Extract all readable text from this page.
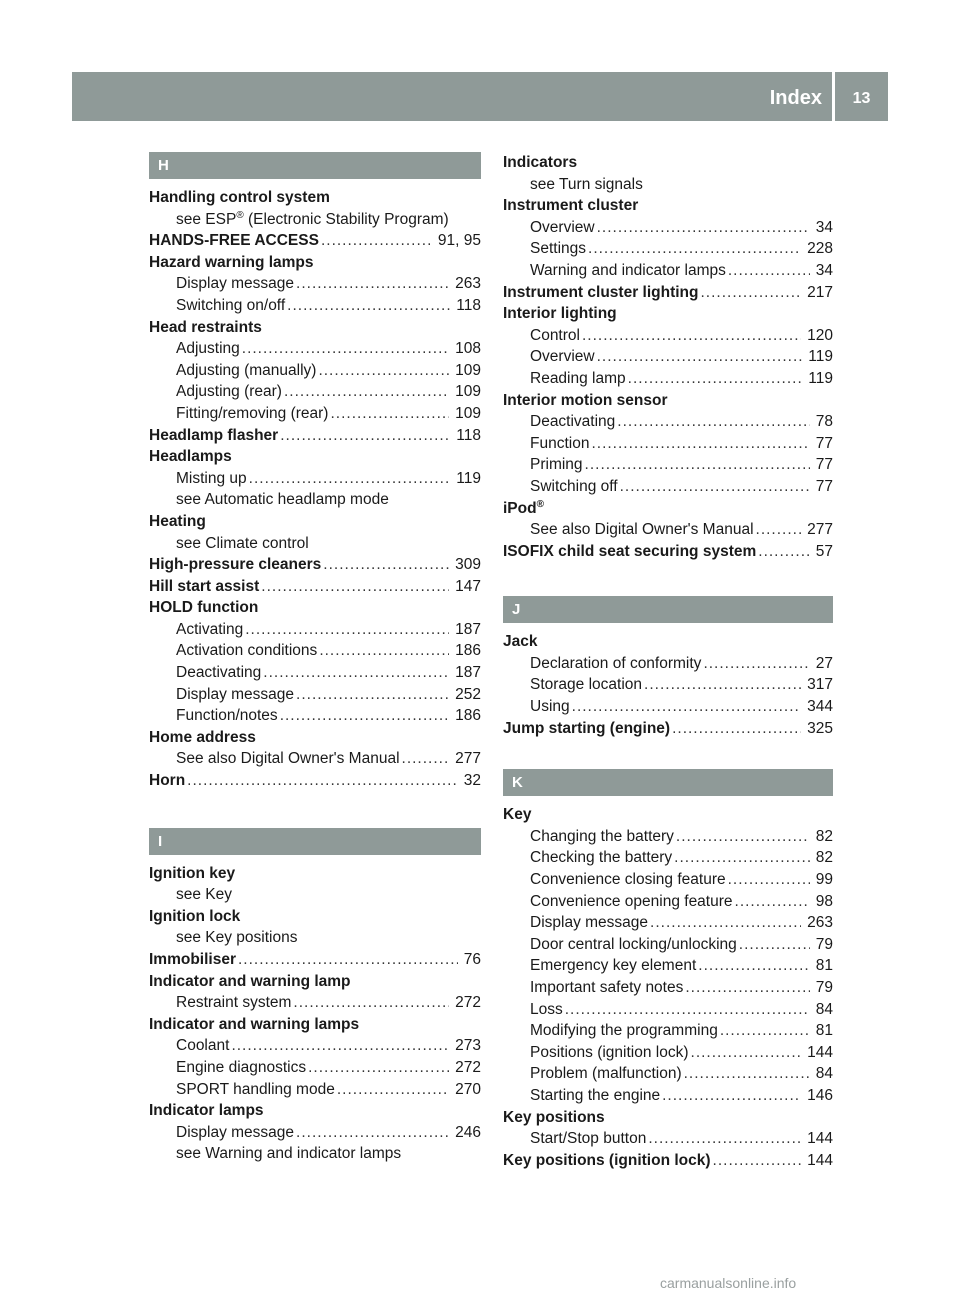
Index	13
H
Handling control system
see ESP® (Electronic Stability Program)
HANDS-FREE ACCESS .....	91, 95
Hazard warning lamps
Display message .....	263
Switching on/off .....	118
Head restraints
Adjusting .....	108
Adjusting (manually) .....	109
Adjusting (rear) .....	109
Fitting/removing (rear) .....	109
Headlamp flasher .....	118
Headlamps
Misting up .....	119
see Automatic headlamp mode
Heating
see Climate control
High-pressure cleaners .....	309
Hill start assist .....	147
HOLD function
Activating .....	187
Activation conditions .....	186
Deactivating .....	187
Display message .....	252
Function/notes .....	186
Home address
See also Digital Owner's Manual .....	277
Horn .....	32
I
Ignition key
see Key
Ignition lock
see Key positions
Immobiliser .....	76
Indicator and warning lamp
Restraint system .....	272
Indicator and warning lamps
Coolant .....	273
Engine diagnostics .....	272
SPORT handling mode .....	270
Indicator lamps
Display message .....	246
see Warning and indicator lamps
Indicators
see Turn signals
Instrument cluster
Overview .....	34
Settings .....	228
Warning and indicator lamps .....	34
Instrument cluster lighting .....	217
Interior lighting
Control .....	120
Overview .....	119
Reading lamp .....	119
Interior motion sensor
Deactivating .....	78
Function .....	77
Priming .....	77
Switching off .....	77
iPod®
See also Digital Owner's Manual .....	277
ISOFIX child seat securing system .....	57
J
Jack
Declaration of conformity .....	27
Storage location .....	317
Using .....	344
Jump starting (engine) .....	325
K
Key
Changing the battery .....	82
Checking the battery .....	82
Convenience closing feature .....	99
Convenience opening feature .....	98
Display message .....	263
Door central locking/unlocking .....	79
Emergency key element .....	81
Important safety notes .....	79
Loss .....	84
Modifying the programming .....	81
Positions (ignition lock) .....	144
Problem (malfunction) .....	84
Starting the engine .....	146
Key positions
Start/Stop button .....	144
Key positions (ignition lock) .....	144
carmanualsonline.info
